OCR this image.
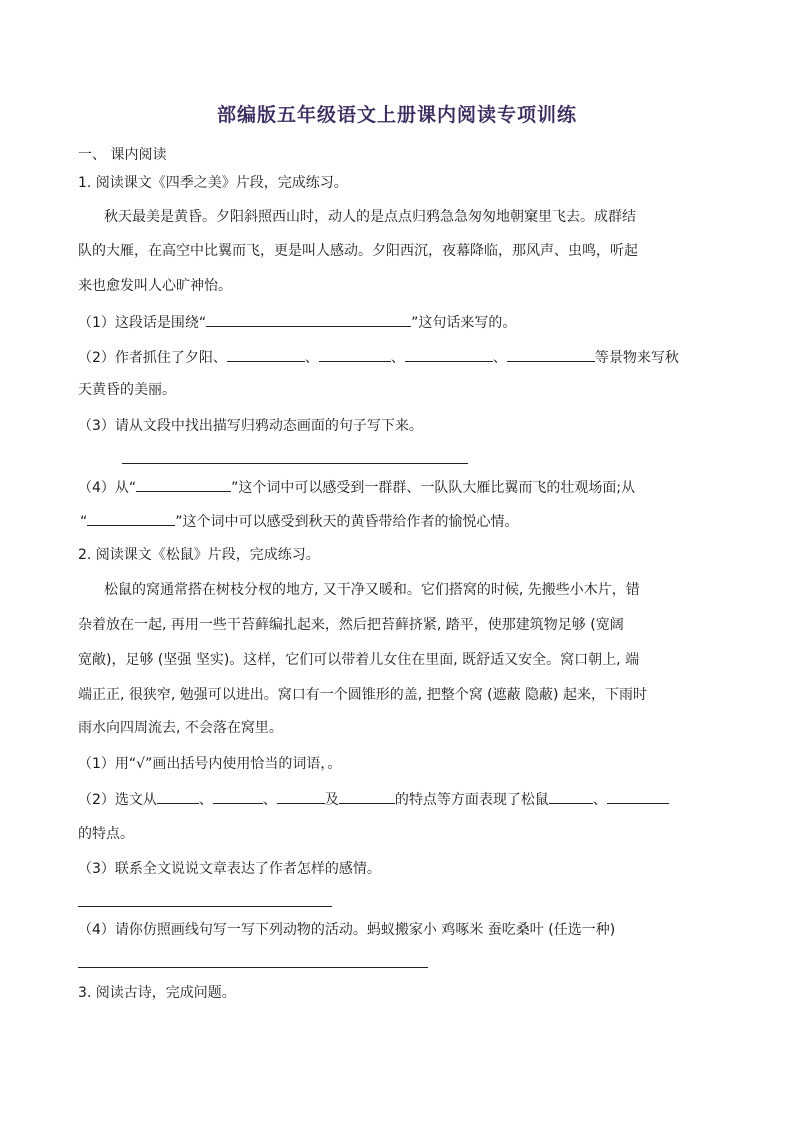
部编版五年级语文上册课内阅读专项训练
一、 课内阅读
1. 阅读课文《四季之美》片段，完成练习。
秋天最美是黄昏。夕阳斜照西山时，动人的是点点归鸦急急匆匆地朝窠里飞去。成群结
队的大雁，在高空中比翼而飞，更是叫人感动。夕阳西沉，夜幕降临，那风声、虫鸣，听起
来也愈发叫人心旷神怡。
（1）这段话是围绕“	”这句话来写的。
（2）作者抓住了夕阳、	、	、	、	等景物来写秋
天黄昏的美丽。
（3）请从文段中找出描写归鸦动态画面的句子写下来。
（4）从“	”这个词中可以感受到一群群、一队队大雁比翼而飞的壮观场面;从
“	”这个词中可以感受到秋天的黄昏带给作者的愉悦心情。
2. 阅读课文《松鼠》片段，完成练习。
松鼠的窝通常搭在树枝分杈的地方, 又干净又暖和。它们搭窝的时候, 先搬些小木片，错
杂着放在一起, 再用一些干苔藓编扎起来，然后把苔藓挤紧, 踏平，使那建筑物足够 (宽阔
宽敞)，足够 (坚强 坚实)。这样，它们可以带着儿女住在里面, 既舒适又安全。窝口朝上, 端
端正正, 很狭窄, 勉强可以进出。窝口有一个圆锥形的盖, 把整个窝 (遮蔽 隐蔽) 起来，下雨时
雨水向四周流去, 不会落在窝里。
（1）用“√”画出括号内使用恰当的词语，。
（2）选文从	、	、	及	的特点等方面表现了松鼠	、
的特点。
（3）联系全文说说文章表达了作者怎样的感情。
（4）请你仿照画线句写一写下列动物的活动。蚂蚁搬家小 鸡啄米 蚕吃桑叶 (任选一种)
3. 阅读古诗，完成问题。
